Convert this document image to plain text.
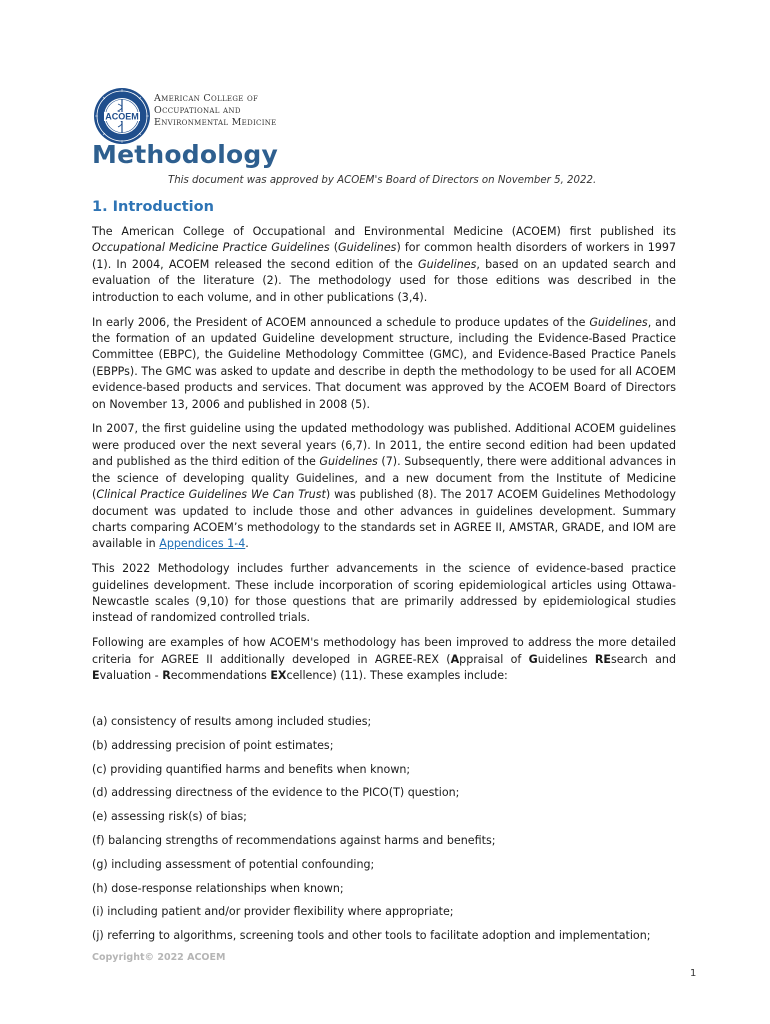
ACOEM
American College of
Occupational and
Environmental Medicine
Methodology
This document was approved by ACOEM's Board of Directors on November 5, 2022.
1. Introduction

The American College of Occupational and Environmental Medicine (ACOEM) first published its Occupational Medicine Practice Guidelines (Guidelines) for common health disorders of workers in 1997 (1). In 2004, ACOEM released the second edition of the Guidelines, based on an updated search and evaluation of the literature (2). The methodology used for those editions was described in the introduction to each volume, and in other publications (3,4).

In early 2006, the President of ACOEM announced a schedule to produce updates of the Guidelines, and the formation of an updated Guideline development structure, including the Evidence-Based Practice Committee (EBPC), the Guideline Methodology Committee (GMC), and Evidence-Based Practice Panels (EBPPs). The GMC was asked to update and describe in depth the methodology to be used for all ACOEM evidence-based products and services. That document was approved by the ACOEM Board of Directors on November 13, 2006 and published in 2008 (5).

In 2007, the first guideline using the updated methodology was published. Additional ACOEM guidelines were produced over the next several years (6,7). In 2011, the entire second edition had been updated and published as the third edition of the Guidelines (7). Subsequently, there were additional advances in the science of developing quality Guidelines, and a new document from the Institute of Medicine (Clinical Practice Guidelines We Can Trust) was published (8). The 2017 ACOEM Guidelines Methodology document was updated to include those and other advances in guidelines development. Summary charts comparing ACOEM’s methodology to the standards set in AGREE II, AMSTAR, GRADE, and IOM are available in Appendices 1-4.

This 2022 Methodology includes further advancements in the science of evidence-based practice guidelines development. These include incorporation of scoring epidemiological articles using Ottawa-Newcastle scales (9,10) for those questions that are primarily addressed by epidemiological studies instead of randomized controlled trials.

Following are examples of how ACOEM's methodology has been improved to address the more detailed criteria for AGREE II additionally developed in AGREE-REX (Appraisal of Guidelines REsearch and Evaluation - Recommendations EXcellence) (11). These examples include:

(a) consistency of results among included studies;
(b) addressing precision of point estimates;
(c) providing quantified harms and benefits when known;
(d) addressing directness of the evidence to the PICO(T) question;
(e) assessing risk(s) of bias;
(f) balancing strengths of recommendations against harms and benefits;
(g) including assessment of potential confounding;
(h) dose-response relationships when known;
(i) including patient and/or provider flexibility where appropriate;
(j) referring to algorithms, screening tools and other tools to facilitate adoption and implementation;
Copyright© 2022 ACOEM
1
